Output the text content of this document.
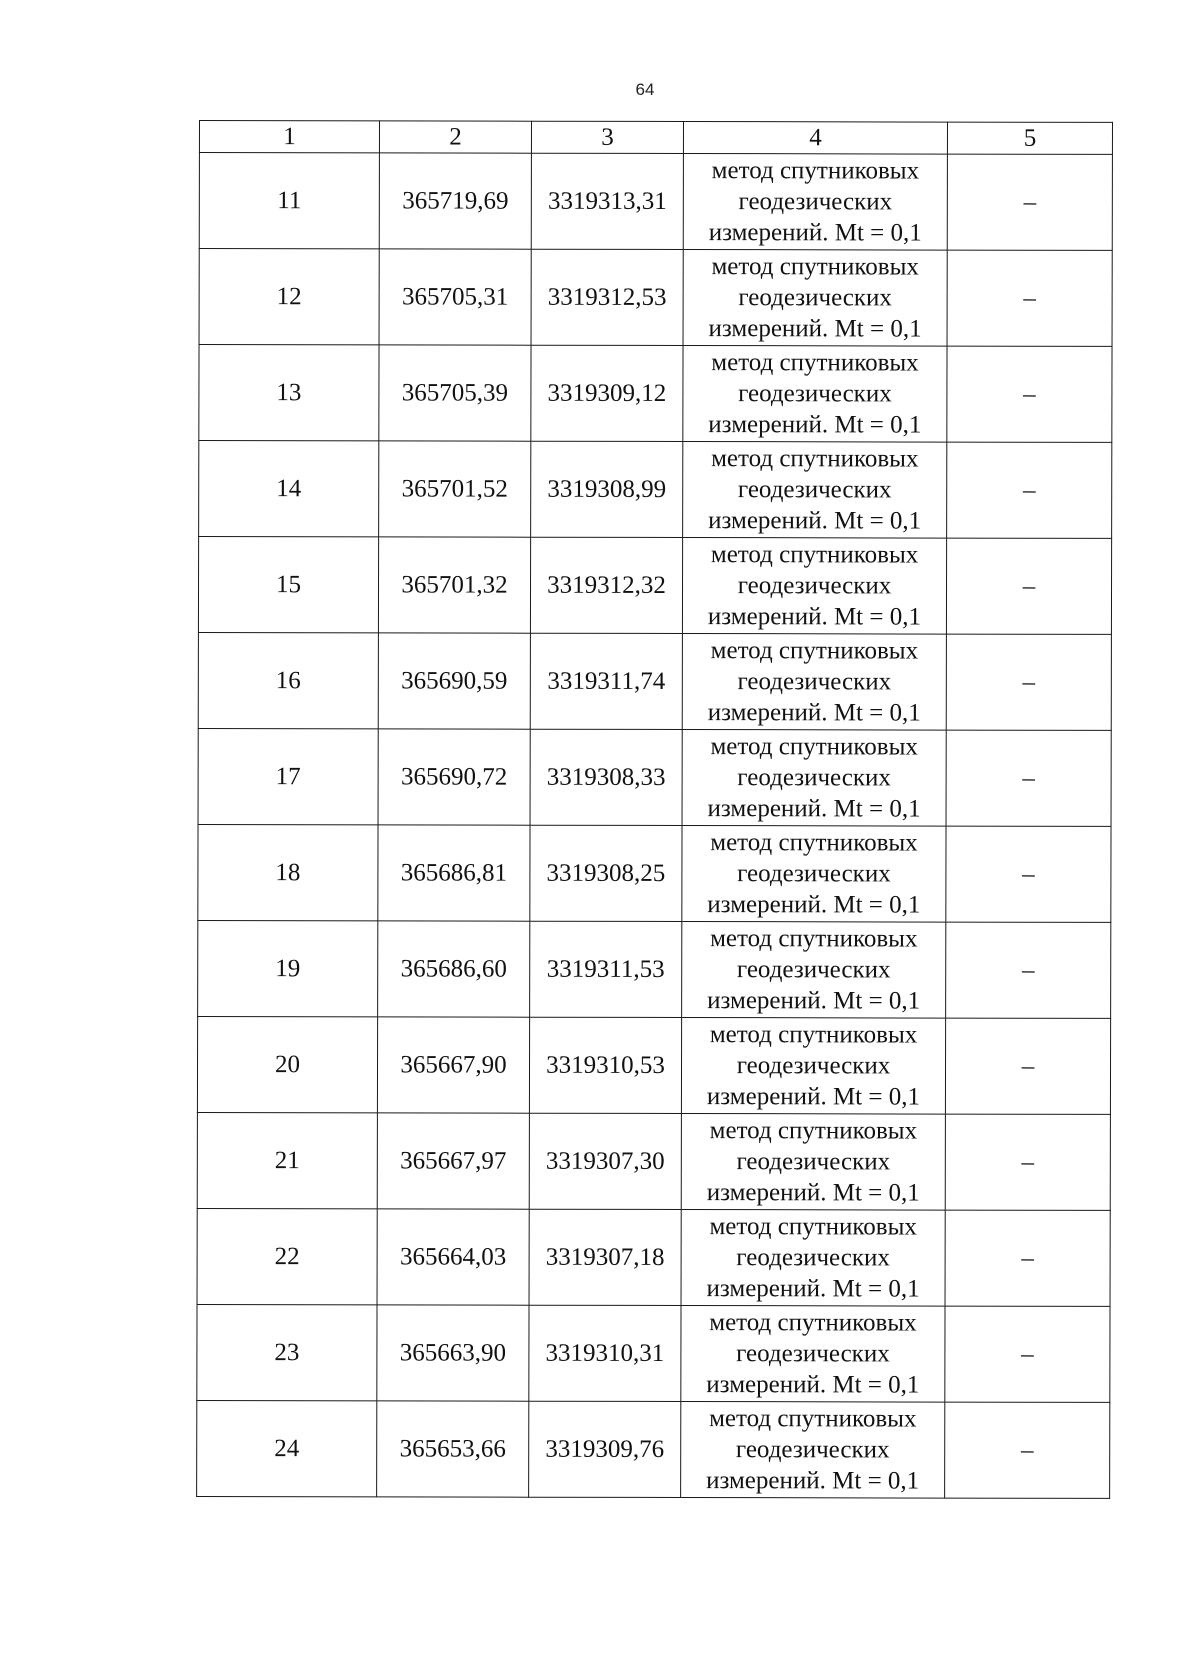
64
1	2	3	4	5
11	365719,69	3319313,31	метод спутниковых
геодезических
измерений. Mt = 0,1	–
12	365705,31	3319312,53	метод спутниковых
геодезических
измерений. Mt = 0,1	–
13	365705,39	3319309,12	метод спутниковых
геодезических
измерений. Mt = 0,1	–
14	365701,52	3319308,99	метод спутниковых
геодезических
измерений. Mt = 0,1	–
15	365701,32	3319312,32	метод спутниковых
геодезических
измерений. Mt = 0,1	–
16	365690,59	3319311,74	метод спутниковых
геодезических
измерений. Mt = 0,1	–
17	365690,72	3319308,33	метод спутниковых
геодезических
измерений. Mt = 0,1	–
18	365686,81	3319308,25	метод спутниковых
геодезических
измерений. Mt = 0,1	–
19	365686,60	3319311,53	метод спутниковых
геодезических
измерений. Mt = 0,1	–
20	365667,90	3319310,53	метод спутниковых
геодезических
измерений. Mt = 0,1	–
21	365667,97	3319307,30	метод спутниковых
геодезических
измерений. Mt = 0,1	–
22	365664,03	3319307,18	метод спутниковых
геодезических
измерений. Mt = 0,1	–
23	365663,90	3319310,31	метод спутниковых
геодезических
измерений. Mt = 0,1	–
24	365653,66	3319309,76	метод спутниковых
геодезических
измерений. Mt = 0,1	–
